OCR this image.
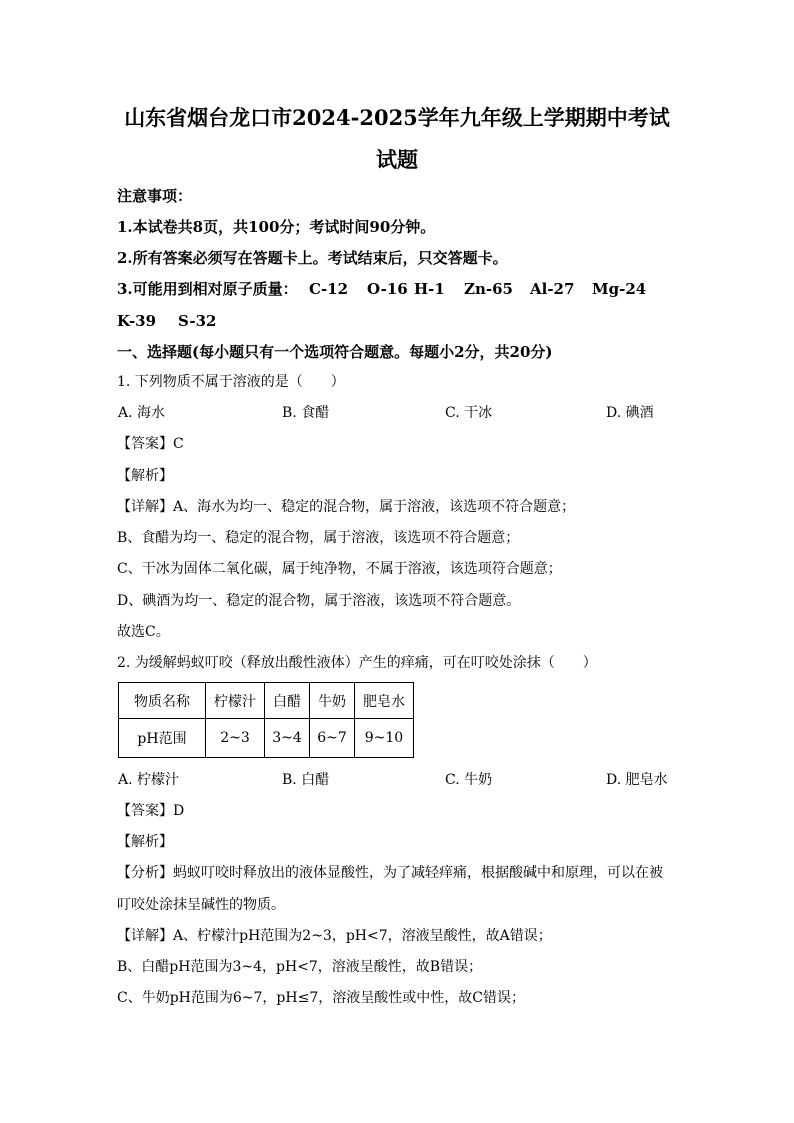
山东省烟台龙口市2024-2025学年九年级上学期期中考试
试题
注意事项：
1.本试卷共8页，共100分；考试时间90分钟。
2.所有答案必须写在答题卡上。考试结束后，只交答题卡。
3.可能用到相对原子质量： C-12 O-16 H-1 Zn-65 Al-27 Mg-24
K-39 S-32
一、选择题(每小题只有一个选项符合题意。每题小2分，共20分)
1. 下列物质不属于溶液的是（　　）
A. 海水	B. 食醋	C. 干冰	D. 碘酒
【答案】C
【解析】
【详解】A、海水为均一、稳定的混合物，属于溶液，该选项不符合题意；
B、食醋为均一、稳定的混合物，属于溶液，该选项不符合题意；
C、干冰为固体二氧化碳，属于纯净物，不属于溶液，该选项符合题意；
D、碘酒为均一、稳定的混合物，属于溶液，该选项不符合题意。
故选C。
2. 为缓解蚂蚁叮咬（释放出酸性液体）产生的痒痛，可在叮咬处涂抹（　　）
物质名称	柠檬汁	白醋	牛奶	肥皂水
pH范围	2~3	3~4	6~7	9~10
A. 柠檬汁	B. 白醋	C. 牛奶	D. 肥皂水
【答案】D
【解析】
【分析】蚂蚁叮咬时释放出的液体显酸性，为了减轻痒痛，根据酸碱中和原理，可以在被
叮咬处涂抹呈碱性的物质。
【详解】A、柠檬汁pH范围为2~3，pH<7，溶液呈酸性，故A错误；
B、白醋pH范围为3~4，pH<7，溶液呈酸性，故B错误；
C、牛奶pH范围为6~7，pH≤7，溶液呈酸性或中性，故C错误；
